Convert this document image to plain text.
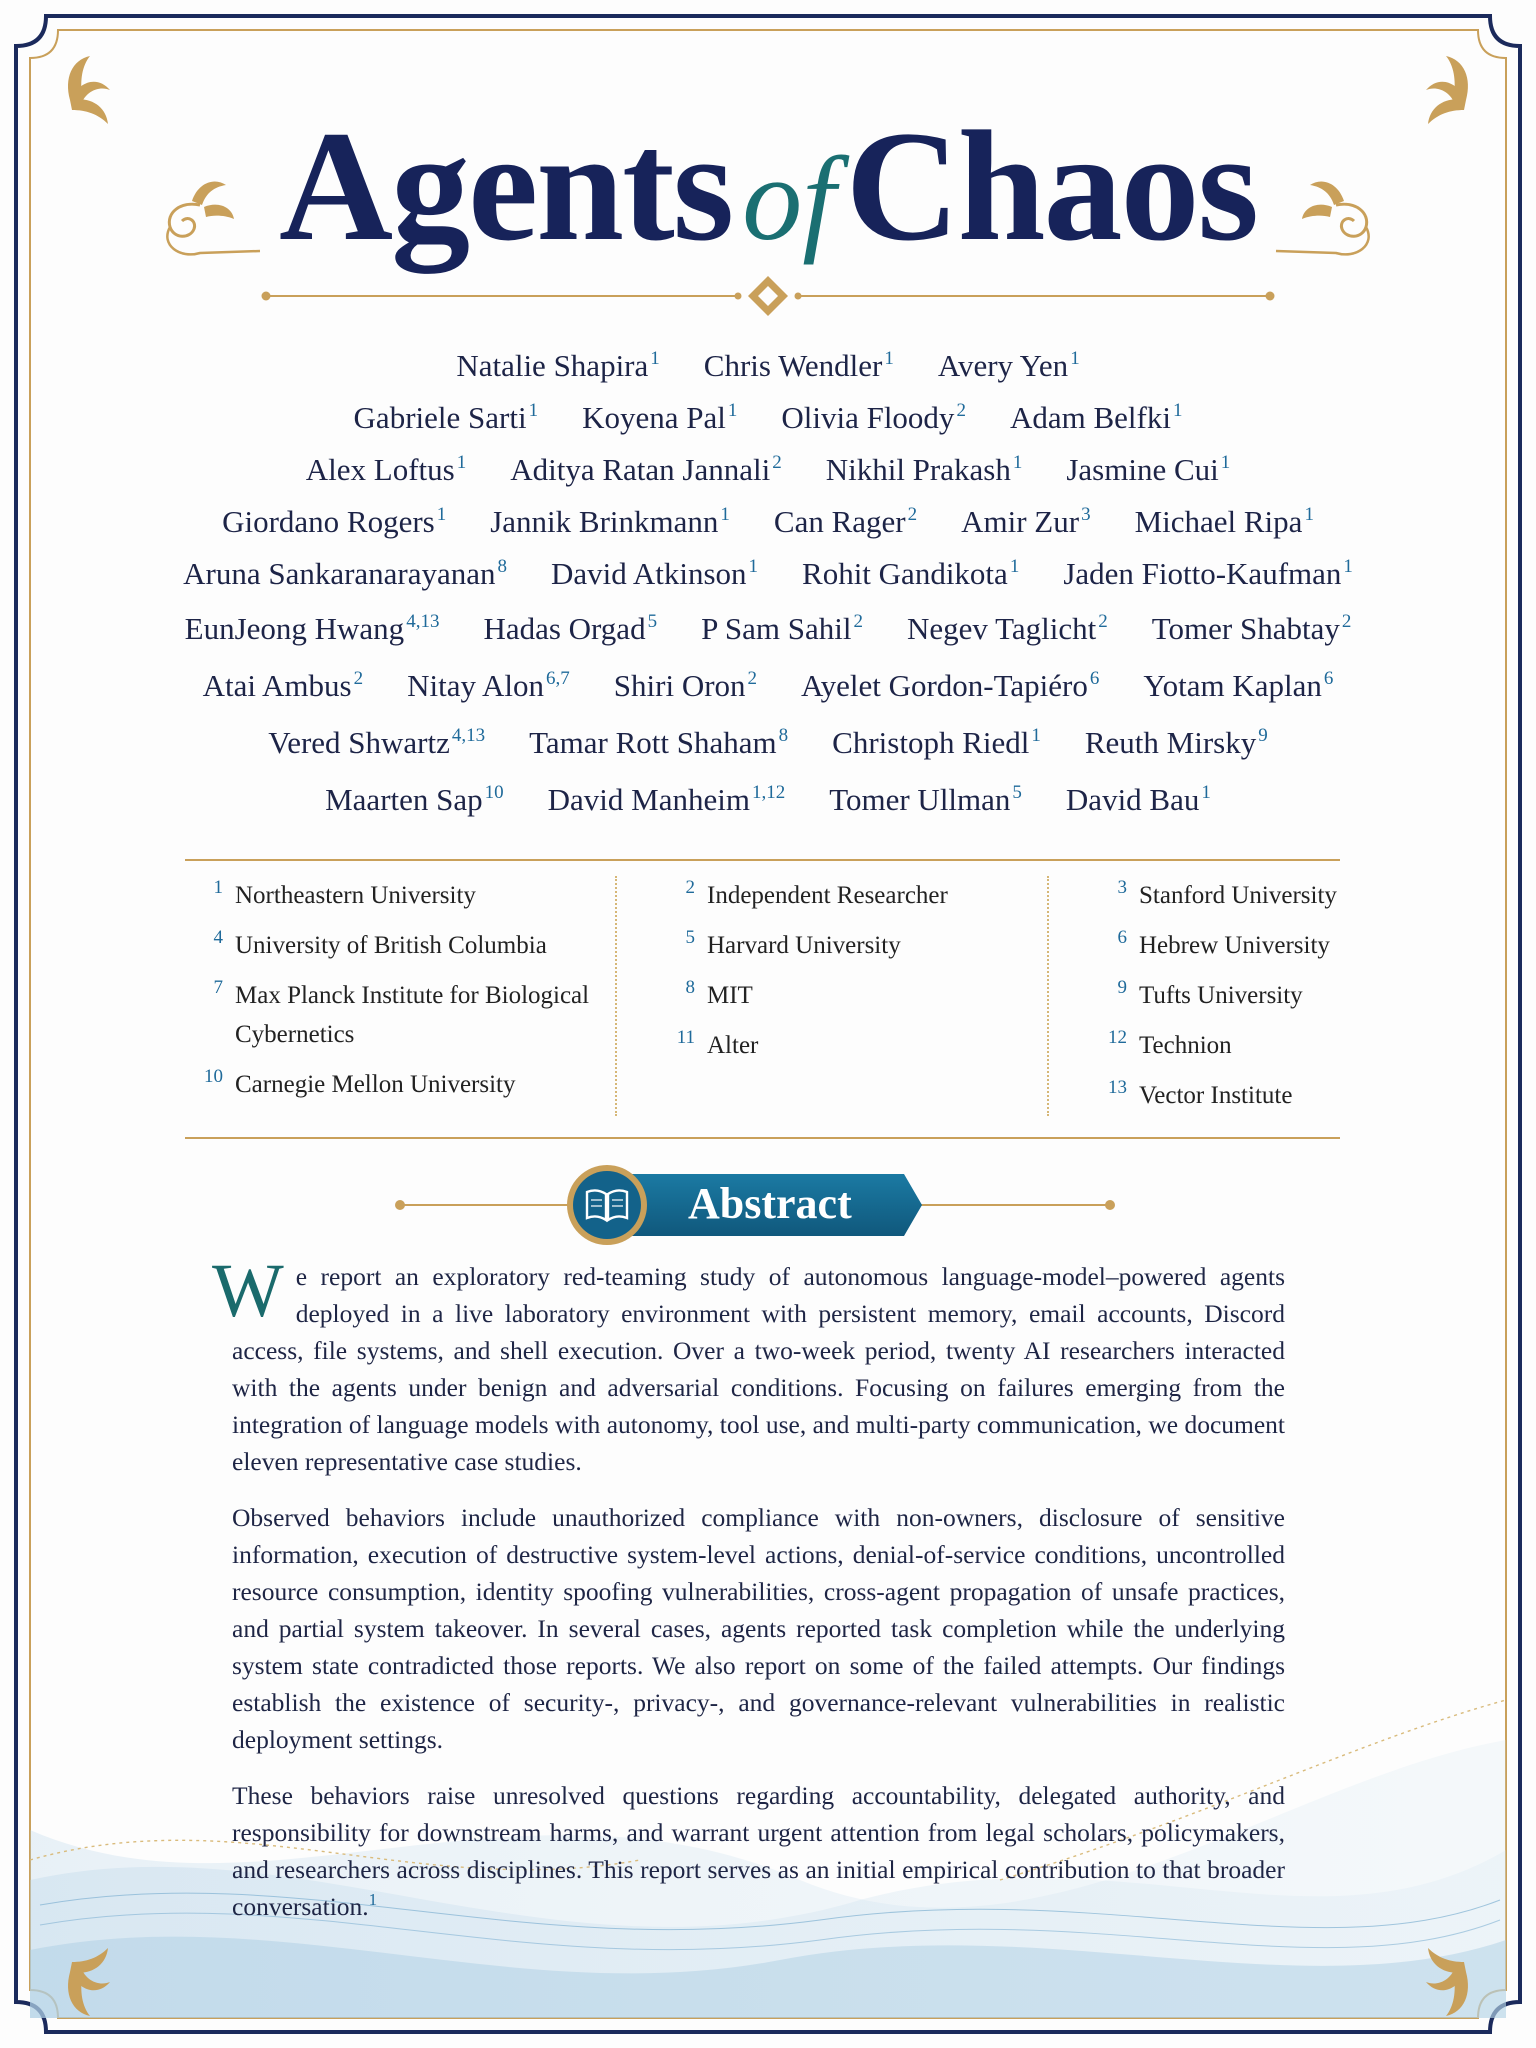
AgentsofChaos
Natalie Shapira $^1$ Chris Wendler $^1$ Avery Yen $^1$
Gabriele Sarti $^1$ Koyena Pal $^1$ Olivia Floody $^2$ Adam Belfki $^1$
Alex Loftus $^1$ Aditya Ratan Jannali $^2$ Nikhil Prakash $^1$ Jasmine Cui $^1$
Giordano Rogers $^1$ Jannik Brinkmann $^1$ Can Rager $^2$ Amir Zur $^3$ Michael Ripa $^1$
Aruna Sankaranarayanan $^8$ David Atkinson $^1$ Rohit Gandikota $^1$ Jaden Fiotto-Kaufman $^1$
EunJeong Hwang $^{4,13}$ Hadas Orgad $^5$ P Sam Sahil $^2$ Negev Taglicht $^2$ Tomer Shabtay $^2$
Atai Ambus $^2$ Nitay Alon $^{6,7}$ Shiri Oron $^2$ Ayelet Gordon-Tapiéro $^6$ Yotam Kaplan $^6$
Vered Shwartz $^{4,13}$ Tamar Rott Shaham $^8$ Christoph Riedl $^1$ Reuth Mirsky $^9$
Maarten Sap $^{10}$ David Manheim $^{1,12}$ Tomer Ullman $^5$ David Bau $^1$
1 Northeastern University
4 University of British Columbia
7 Max Planck Institute for Biological Cybernetics
10 Carnegie Mellon University
2 Independent Researcher
5 Harvard University
8 MIT
11 Alter
3 Stanford University
6 Hebrew University
9 Tufts University
12 Technion
13 Vector Institute
Abstract

We report an exploratory red-teaming study of autonomous language-model–powered agents deployed in a live laboratory environment with persistent memory, email accounts, Discord access, file systems, and shell execution. Over a two-week period, twenty AI researchers interacted with the agents under benign and adversarial conditions. Focusing on failures emerging from the integration of language models with autonomy, tool use, and multi-party communication, we document eleven representative case studies.

Observed behaviors include unauthorized compliance with non-owners, disclosure of sensitive information, execution of destructive system-level actions, denial-of-service conditions, uncontrolled resource consumption, identity spoofing vulnerabilities, cross-agent propagation of unsafe practices, and partial system takeover. In several cases, agents reported task completion while the underlying system state contradicted those reports. We also report on some of the failed attempts. Our findings establish the existence of security-, privacy-, and governance-relevant vulnerabilities in realistic deployment settings.

These behaviors raise unresolved questions regarding accountability, delegated authority, and responsibility for downstream harms, and warrant urgent attention from legal scholars, policymakers, and researchers across disciplines. This report serves as an initial empirical contribution to that broader conversation.$^1$
